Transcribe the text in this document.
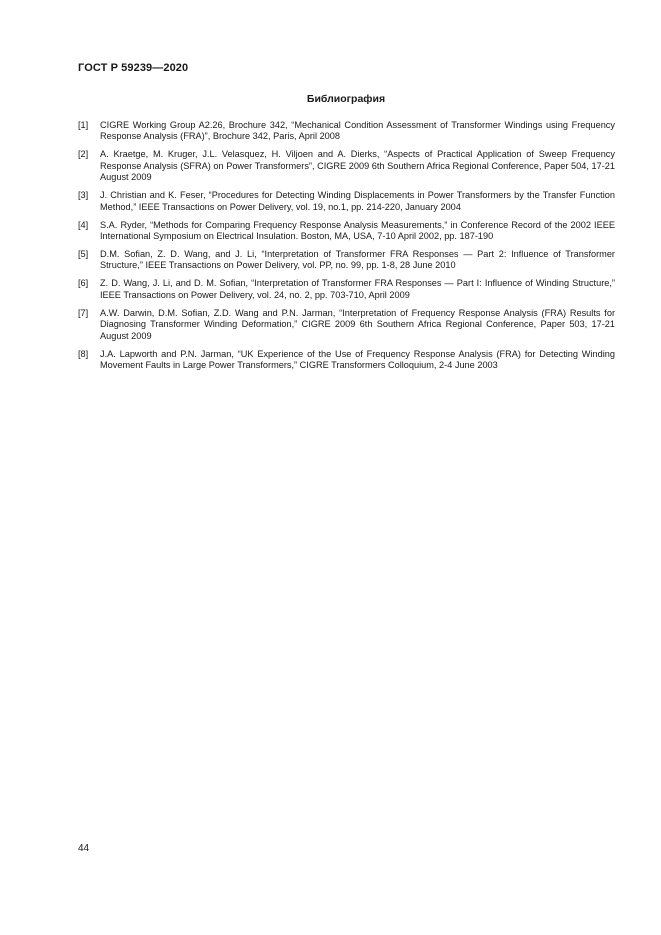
ГОСТ Р 59239—2020
Библиография
[1]	CIGRE Working Group A2.26, Brochure 342, “Mechanical Condition Assessment of Transformer Windings using Frequency Response Analysis (FRA)”, Brochure 342, Paris, April 2008
[2]	A. Kraetge, M. Kruger, J.L. Velasquez, H. Viljoen and A. Dierks, “Aspects of Practical Application of Sweep Frequency Response Analysis (SFRA) on Power Transformers”, CIGRE 2009 6th Southern Africa Regional Conference, Paper 504, 17-21 August 2009
[3]	J. Christian and K. Feser, “Procedures for Detecting Winding Displacements in Power Transformers by the Transfer Function Method,” IEEE Transactions on Power Delivery, vol. 19, no.1, pp. 214-220, January 2004
[4]	S.A. Ryder, “Methods for Comparing Frequency Response Analysis Measurements,” in Conference Record of the 2002 IEEE International Symposium on Electrical Insulation. Boston, MA, USA, 7-10 April 2002, pp. 187-190
[5]	D.M. Sofian, Z. D. Wang, and J. Li, “Interpretation of Transformer FRA Responses — Part 2: Influence of Transformer Structure,” IEEE Transactions on Power Delivery, vol. PP, no. 99, pp. 1-8, 28 June 2010
[6]	Z. D. Wang, J. Li, and D. M. Sofian, “Interpretation of Transformer FRA Responses — Part I: Influence of Winding Structure,” IEEE Transactions on Power Delivery, vol. 24, no. 2, pp. 703-710, April 2009
[7]	A.W. Darwin, D.M. Sofian, Z.D. Wang and P.N. Jarman, “Interpretation of Frequency Response Analysis (FRA) Results for Diagnosing Transformer Winding Deformation,” CIGRE 2009 6th Southern Africa Regional Conference, Paper 503, 17-21 August 2009
[8]	J.A. Lapworth and P.N. Jarman, “UK Experience of the Use of Frequency Response Analysis (FRA) for Detecting Winding Movement Faults in Large Power Transformers,” CIGRE Transformers Colloquium, 2-4 June 2003
44
